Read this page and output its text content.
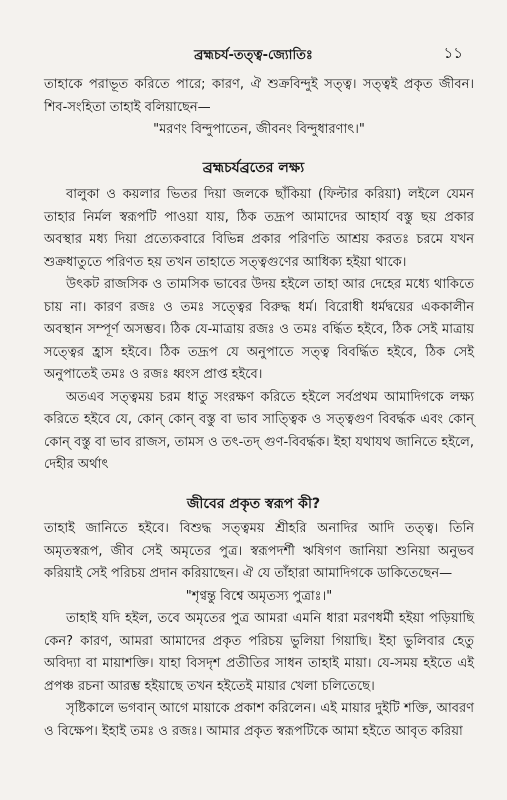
ব্রহ্মচর্য-তত্ত্ব-জ্যোতিঃ	১১

তাহাকে পরাভূত করিতে পারে; কারণ, ঐ শুক্রবিন্দুই সত্ত্ব। সত্ত্বই প্রকৃত জীবন। শিব-সংহিতা তাহাই বলিয়াছেন—

"মরণং বিন্দুপাতেন, জীবনং বিন্দুধারণাৎ।"

ব্রহ্মচর্যব্রতের লক্ষ্য

বালুকা ও কয়লার ভিতর দিয়া জলকে ছাঁকিয়া (ফিল্টার করিয়া) লইলে যেমন তাহার নির্মল স্বরূপটি পাওয়া যায়, ঠিক তদ্রূপ আমাদের আহার্য বস্তু ছয় প্রকার অবস্থার মধ্য দিয়া প্রত্যেকবারে বিভিন্ন প্রকার পরিণতি আশ্রয় করতঃ চরমে যখন শুক্রধাতুতে পরিণত হয় তখন তাহাতে সত্ত্বগুণের আধিক্য হইয়া থাকে।

উৎকট রাজসিক ও তামসিক ভাবের উদয় হইলে তাহা আর দেহের মধ্যে থাকিতে চায় না। কারণ রজঃ ও তমঃ সত্ত্বের বিরুদ্ধ ধর্ম। বিরোধী ধর্মদ্বয়ের এককালীন অবস্থান সম্পূর্ণ অসম্ভব। ঠিক যে-মাত্রায় রজঃ ও তমঃ বর্দ্ধিত হইবে, ঠিক সেই মাত্রায় সত্ত্বের হ্রাস হইবে। ঠিক তদ্রূপ যে অনুপাতে সত্ত্ব বিবর্দ্ধিত হইবে, ঠিক সেই অনুপাতেই তমঃ ও রজঃ ধ্বংস প্রাপ্ত হইবে।

অতএব সত্ত্বময় চরম ধাতু সংরক্ষণ করিতে হইলে সর্বপ্রথম আমাদিগকে লক্ষ্য করিতে হইবে যে, কোন্ কোন্ বস্তু বা ভাব সাত্ত্বিক ও সত্ত্বগুণ বিবর্দ্ধক এবং কোন্ কোন্ বস্তু বা ভাব রাজস, তামস ও তৎ-তদ্ গুণ-বিবর্দ্ধক। ইহা যথাযথ জানিতে হইলে, দেহীর অর্থাৎ

জীবের প্রকৃত স্বরূপ কী?

তাহাই জানিতে হইবে। বিশুদ্ধ সত্ত্বময় শ্রীহরি অনাদির আদি তত্ত্ব। তিনি অমৃতস্বরূপ, জীব সেই অমৃতের পুত্র। স্বরূপদর্শী ঋষিগণ জানিয়া শুনিয়া অনুভব করিয়াই সেই পরিচয় প্রদান করিয়াছেন। ঐ যে তাঁহারা আমাদিগকে ডাকিতেছেন—

"শৃণ্বন্তু বিশ্বে অমৃতস্য পুত্রাঃ।"

তাহাই যদি হইল, তবে অমৃতের পুত্র আমরা এমনি ধারা মরণধর্মী হইয়া পড়িয়াছি কেন? কারণ, আমরা আমাদের প্রকৃত পরিচয় ভুলিয়া গিয়াছি। ইহা ভুলিবার হেতু অবিদ্যা বা মায়াশক্তি। যাহা বিসদৃশ প্রতীতির সাধন তাহাই মায়া। যে-সময় হইতে এই প্রপঞ্চ রচনা আরম্ভ হইয়াছে তখন হইতেই মায়ার খেলা চলিতেছে।

সৃষ্টিকালে ভগবান্ আগে মায়াকে প্রকাশ করিলেন। এই মায়ার দুইটি শক্তি, আবরণ ও বিক্ষেপ। ইহাই তমঃ ও রজঃ। আমার প্রকৃত স্বরূপটিকে আমা হইতে আবৃত করিয়া
